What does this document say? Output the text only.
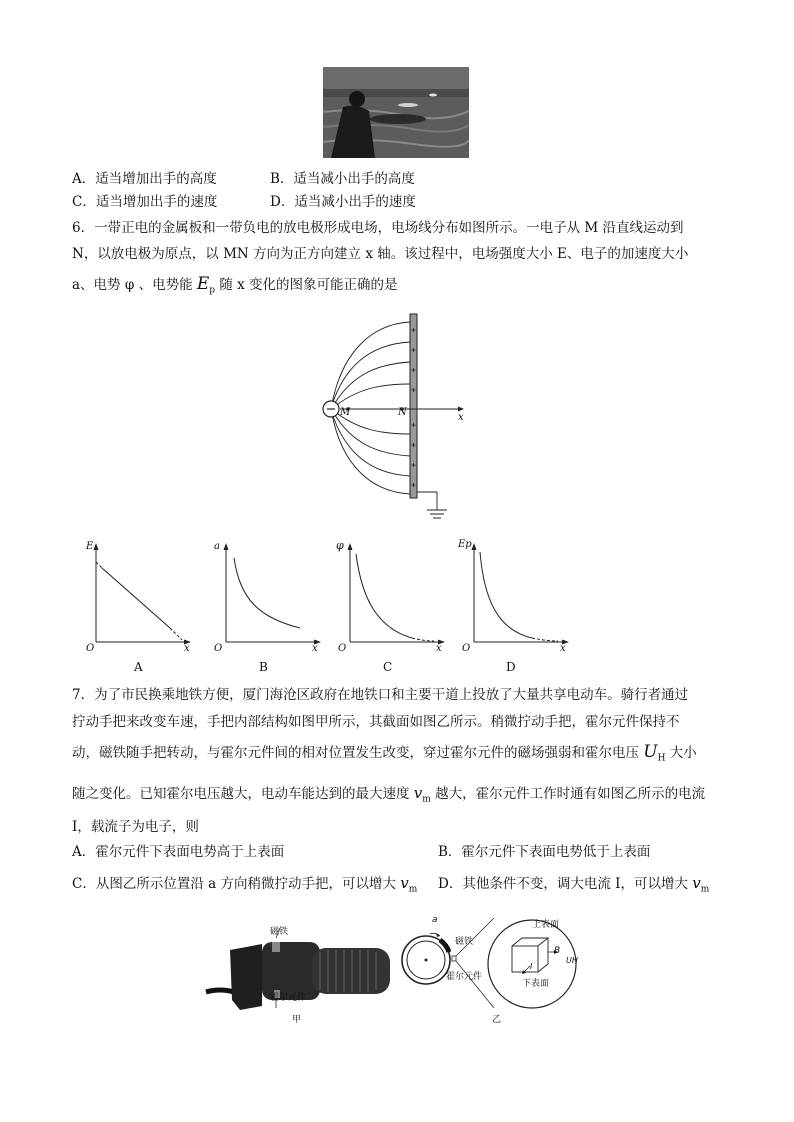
A．适当增加出手的高度	B．适当减小出手的高度
C．适当增加出手的速度	D．适当减小出手的速度
6．一带正电的金属板和一带负电的放电极形成电场，电场线分布如图所示。一电子从 M 沿直线运动到
N，以放电极为原点，以 MN 方向为正方向建立 x 轴。该过程中，电场强度大小 E、电子的加速度大小
a、电势 φ 、电势能 $E_p$ 随 x 变化的图象可能正确的是
M	N	x
E
O	x
A
a
O	x
B
φ
O	x
C
Ep
O	x
D
7．为了市民换乘地铁方便，厦门海沧区政府在地铁口和主要干道上投放了大量共享电动车。骑行者通过
拧动手把来改变车速，手把内部结构如图甲所示，其截面如图乙所示。稍微拧动手把，霍尔元件保持不
动，磁铁随手把转动，与霍尔元件间的相对位置发生改变，穿过霍尔元件的磁场强弱和霍尔电压 $U_H$ 大小
随之变化。已知霍尔电压越大，电动车能达到的最大速度 $v_m$ 越大，霍尔元件工作时通有如图乙所示的电流
I，载流子为电子，则
A．霍尔元件下表面电势高于上表面	B．霍尔元件下表面电势低于上表面
C．从图乙所示位置沿 a 方向稍微拧动手把，可以增大 $v_m$ D．其他条件不变，调大电流 I，可以增大 $v_m$
磁铁
霍尔元件
甲
a
磁铁
霍尔元件
上表面
下表面
B
I
UH
乙
